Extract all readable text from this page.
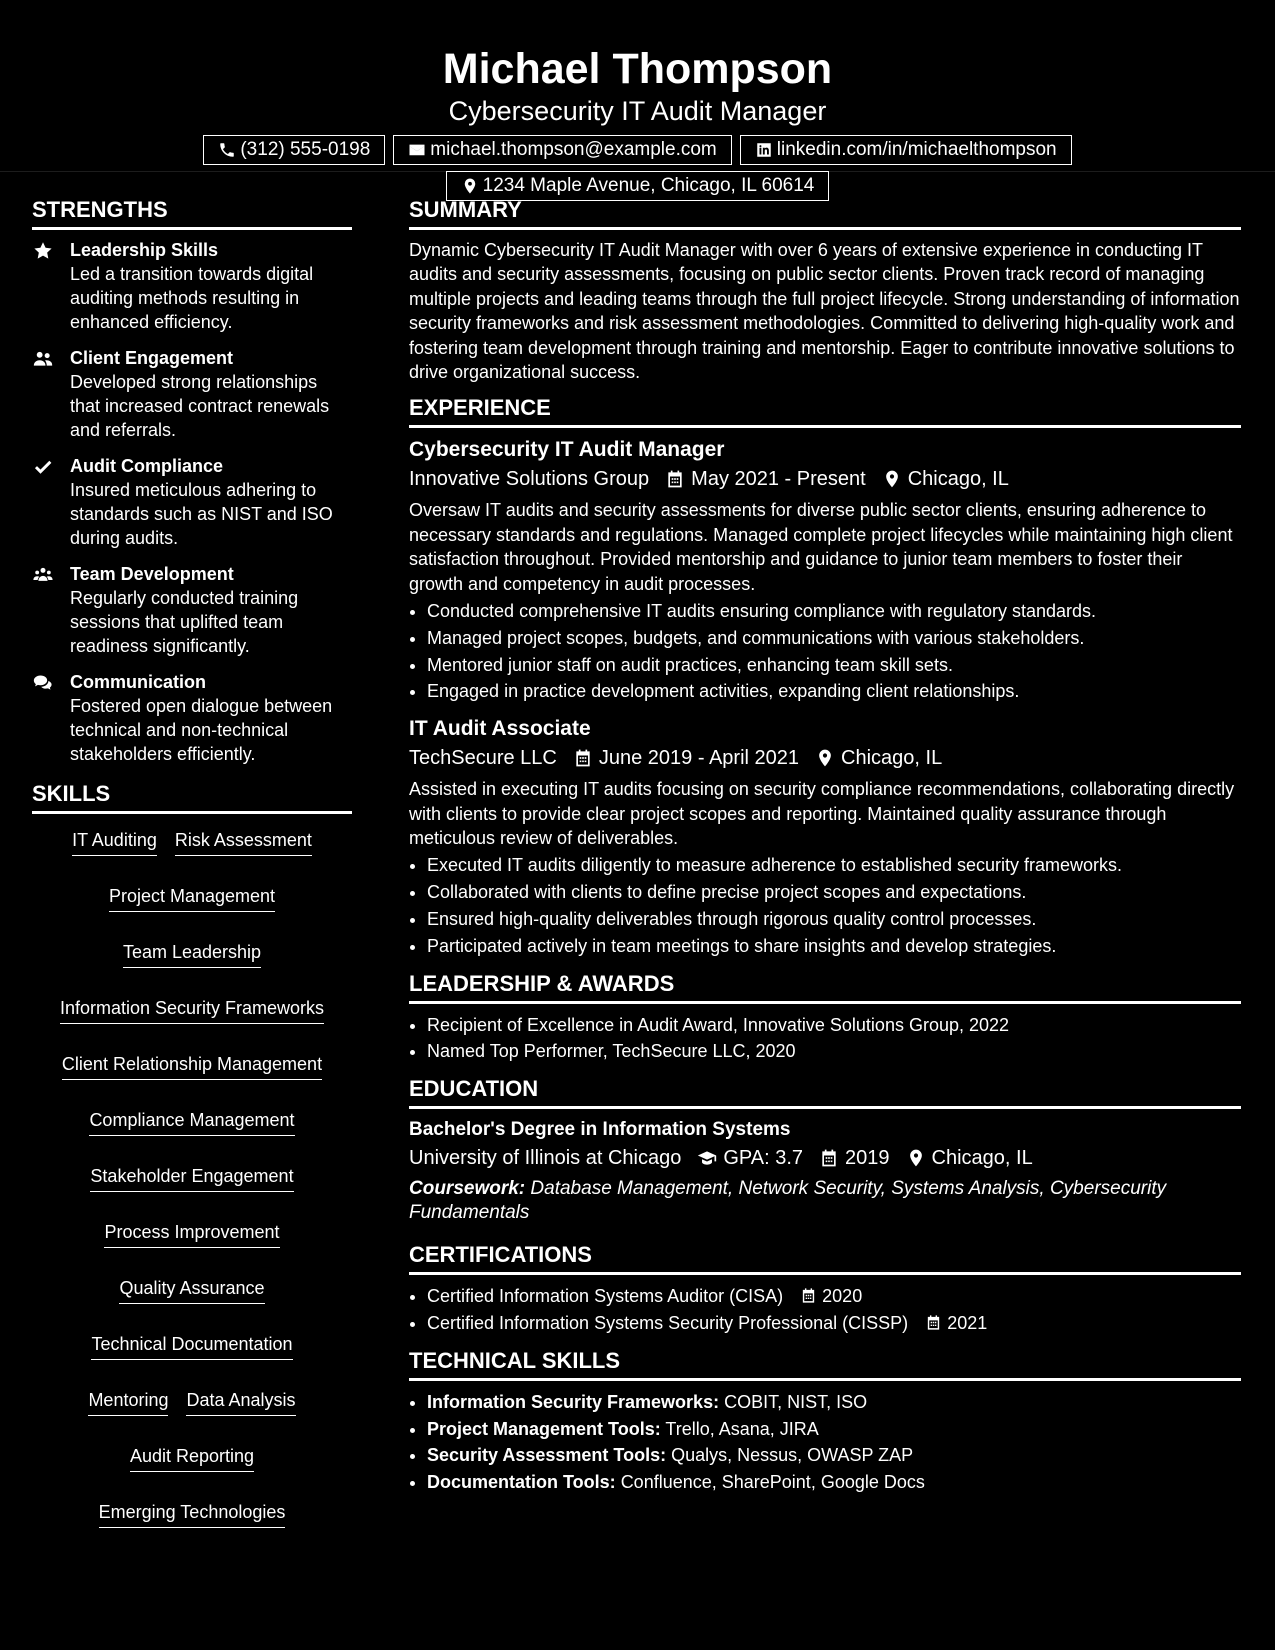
Michael Thompson
Cybersecurity IT Audit Manager
(312) 555-0198	michael.thompson@example.com	linkedin.com/in/michaelthompson
1234 Maple Avenue, Chicago, IL 60614
STRENGTHS
Leadership Skills
Led a transition towards digital auditing methods resulting in enhanced efficiency.
Client Engagement
Developed strong relationships that increased contract renewals and referrals.
Audit Compliance
Insured meticulous adhering to standards such as NIST and ISO during audits.
Team Development
Regularly conducted training sessions that uplifted team readiness significantly.
Communication
Fostered open dialogue between technical and non-technical stakeholders efficiently.
SKILLS
IT Auditing Risk Assessment
Project Management
Team Leadership
Information Security Frameworks
Client Relationship Management
Compliance Management
Stakeholder Engagement
Process Improvement
Quality Assurance
Technical Documentation
Mentoring Data Analysis
Audit Reporting
Emerging Technologies
SUMMARY
Dynamic Cybersecurity IT Audit Manager with over 6 years of extensive experience in conducting IT audits and security assessments, focusing on public sector clients. Proven track record of managing multiple projects and leading teams through the full project lifecycle. Strong understanding of information security frameworks and risk assessment methodologies. Committed to delivering high-quality work and fostering team development through training and mentorship. Eager to contribute innovative solutions to drive organizational success.
EXPERIENCE
Cybersecurity IT Audit Manager
Innovative Solutions Group May 2021 - Present Chicago, IL
Oversaw IT audits and security assessments for diverse public sector clients, ensuring adherence to necessary standards and regulations. Managed complete project lifecycles while maintaining high client satisfaction throughout. Provided mentorship and guidance to junior team members to foster their growth and competency in audit processes.
• Conducted comprehensive IT audits ensuring compliance with regulatory standards.
• Managed project scopes, budgets, and communications with various stakeholders.
• Mentored junior staff on audit practices, enhancing team skill sets.
• Engaged in practice development activities, expanding client relationships.
IT Audit Associate
TechSecure LLC June 2019 - April 2021 Chicago, IL
Assisted in executing IT audits focusing on security compliance recommendations, collaborating directly with clients to provide clear project scopes and reporting. Maintained quality assurance through meticulous review of deliverables.
• Executed IT audits diligently to measure adherence to established security frameworks.
• Collaborated with clients to define precise project scopes and expectations.
• Ensured high-quality deliverables through rigorous quality control processes.
• Participated actively in team meetings to share insights and develop strategies.
LEADERSHIP & AWARDS
• Recipient of Excellence in Audit Award, Innovative Solutions Group, 2022
• Named Top Performer, TechSecure LLC, 2020
EDUCATION
Bachelor's Degree in Information Systems
University of Illinois at Chicago GPA: 3.7 2019 Chicago, IL
Coursework: Database Management, Network Security, Systems Analysis, Cybersecurity Fundamentals
CERTIFICATIONS
• Certified Information Systems Auditor (CISA) 2020
• Certified Information Systems Security Professional (CISSP) 2021
TECHNICAL SKILLS
• Information Security Frameworks: COBIT, NIST, ISO
• Project Management Tools: Trello, Asana, JIRA
• Security Assessment Tools: Qualys, Nessus, OWASP ZAP
• Documentation Tools: Confluence, SharePoint, Google Docs
